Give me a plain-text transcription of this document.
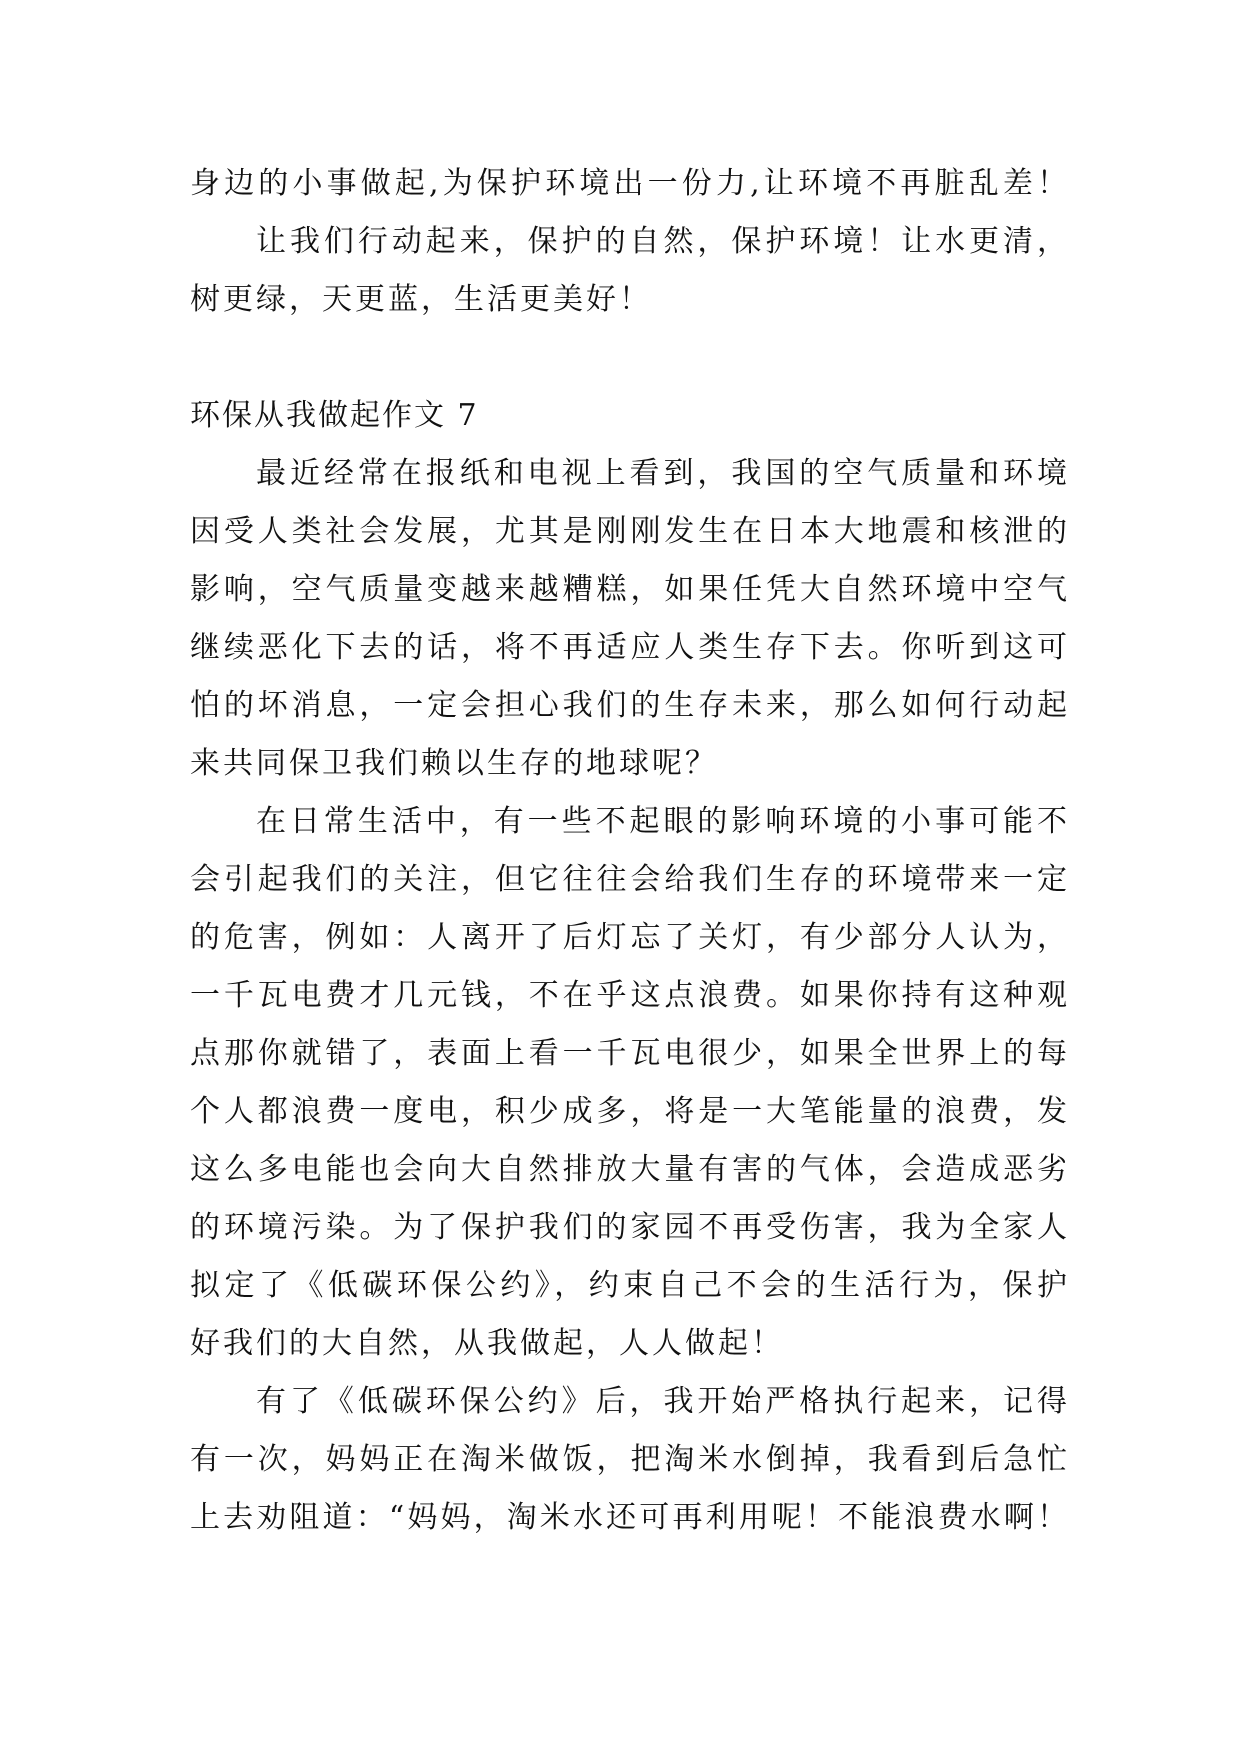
身边的小事做起,为保护环境出一份力,让环境不再脏乱差！
让我们行动起来，保护的自然，保护环境！让水更清，
树更绿，天更蓝，生活更美好！
环保从我做起作文 7
最近经常在报纸和电视上看到，我国的空气质量和环境
因受人类社会发展，尤其是刚刚发生在日本大地震和核泄的
影响，空气质量变越来越糟糕，如果任凭大自然环境中空气
继续恶化下去的话，将不再适应人类生存下去。你听到这可
怕的坏消息，一定会担心我们的生存未来，那么如何行动起
来共同保卫我们赖以生存的地球呢？
在日常生活中，有一些不起眼的影响环境的小事可能不
会引起我们的关注，但它往往会给我们生存的环境带来一定
的危害，例如：人离开了后灯忘了关灯，有少部分人认为，
一千瓦电费才几元钱，不在乎这点浪费。如果你持有这种观
点那你就错了，表面上看一千瓦电很少，如果全世界上的每
个人都浪费一度电，积少成多，将是一大笔能量的浪费，发
这么多电能也会向大自然排放大量有害的气体，会造成恶劣
的环境污染。为了保护我们的家园不再受伤害，我为全家人
拟定了《低碳环保公约》，约束自己不会的生活行为，保护
好我们的大自然，从我做起，人人做起！
有了《低碳环保公约》后，我开始严格执行起来，记得
有一次，妈妈正在淘米做饭，把淘米水倒掉，我看到后急忙
上去劝阻道：“妈妈，淘米水还可再利用呢！不能浪费水啊！
